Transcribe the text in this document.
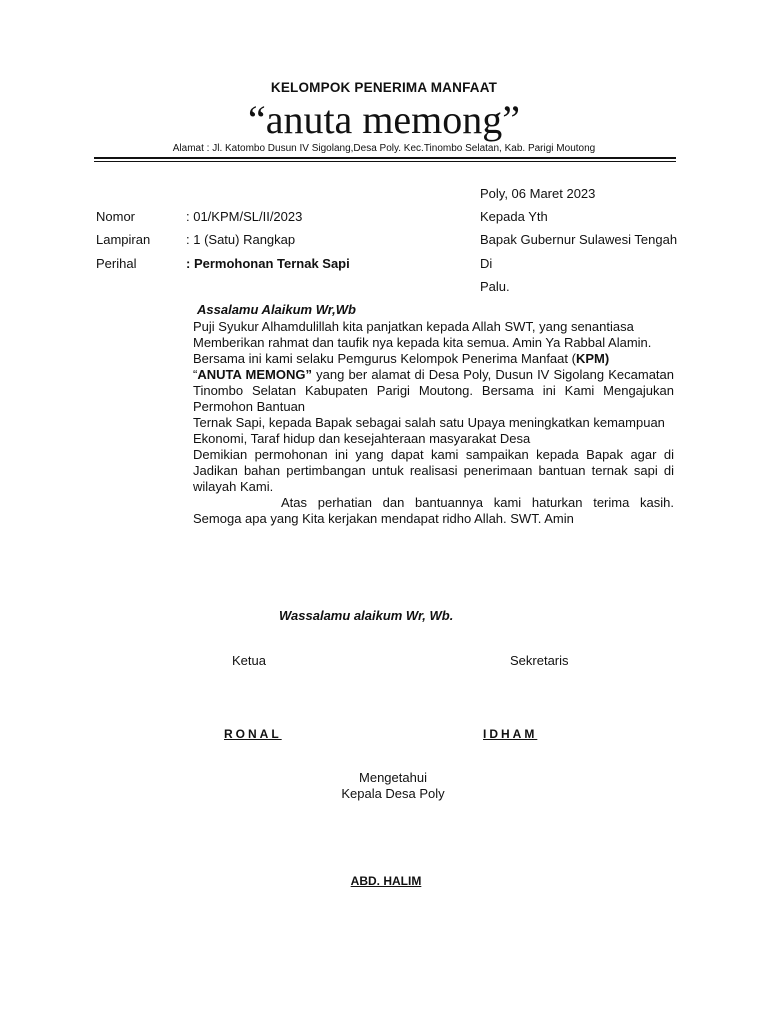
KELOMPOK PENERIMA MANFAAT
“anuta memong”
Alamat : Jl. Katombo Dusun IV Sigolang,Desa Poly. Kec.Tinombo Selatan, Kab. Parigi Moutong
Poly, 06 Maret 2023
Nomor	: 01/KPM/SL/II/2023	Kepada Yth
Lampiran	: 1 (Satu) Rangkap	Bapak Gubernur Sulawesi Tengah
Perihal	: Permohonan Ternak Sapi	Di
Palu.
Assalamu Alaikum Wr,Wb

Puji Syukur Alhamdulillah kita panjatkan kepada Allah SWT, yang senantiasa

Memberikan rahmat dan taufik nya kepada kita semua. Amin Ya Rabbal Alamin.

Bersama ini kami selaku Pemgurus Kelompok Penerima Manfaat (KPM)
“ANUTA MEMONG” yang ber alamat di Desa Poly, Dusun IV Sigolang Kecamatan Tinombo Selatan Kabupaten Parigi Moutong. Bersama ini Kami Mengajukan Permohon Bantuan

Ternak Sapi, kepada Bapak sebagai salah satu Upaya meningkatkan kemampuan

Ekonomi, Taraf hidup dan kesejahteraan masyarakat Desa

Demikian permohonan ini yang dapat kami sampaikan kepada Bapak agar di Jadikan bahan pertimbangan untuk realisasi penerimaan bantuan ternak sapi di wilayah Kami.

Atas perhatian dan bantuannya kami haturkan terima kasih. Semoga apa yang Kita kerjakan mendapat ridho Allah. SWT. Amin

Wassalamu alaikum Wr, Wb.
Ketua	Sekretaris
RONAL	IDHAM
Mengetahui
Kepala Desa Poly
ABD. HALIM
